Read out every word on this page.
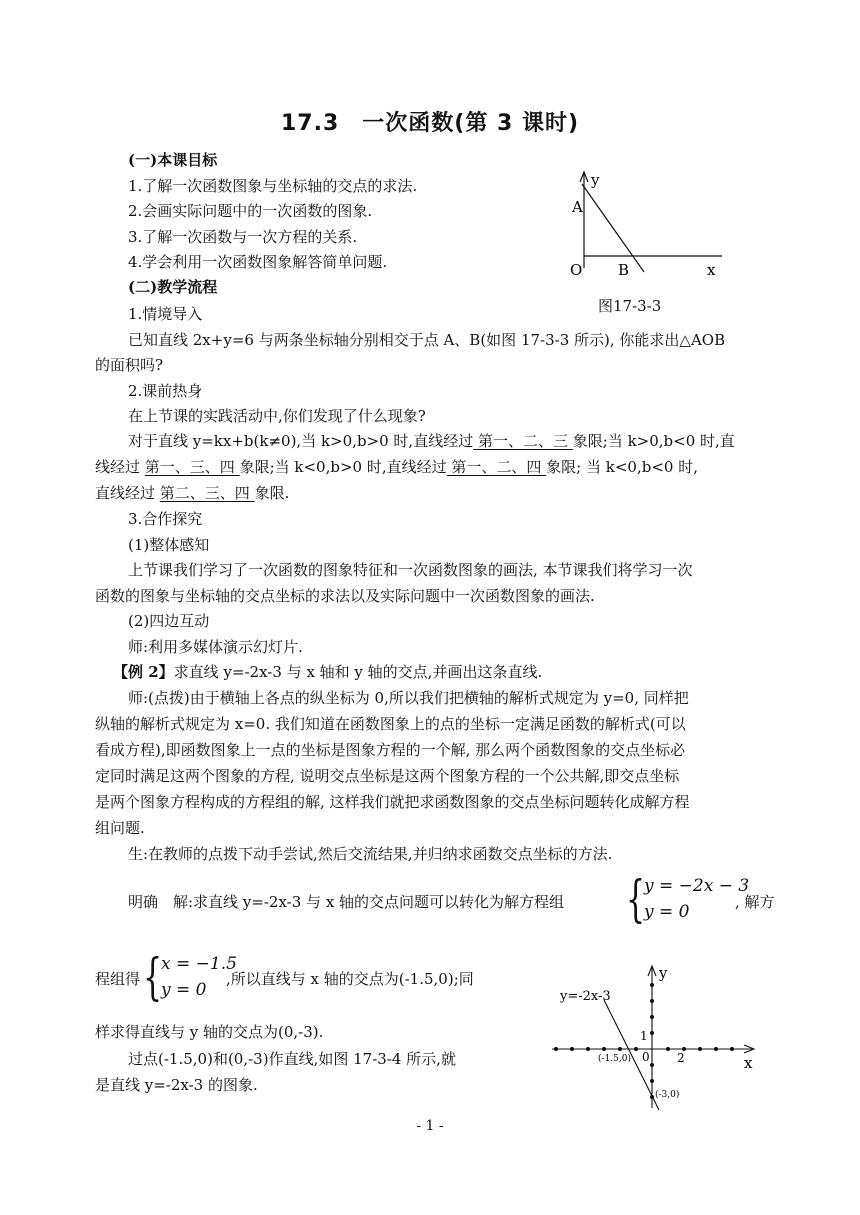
17.3　一次函数(第 3 课时)
(一)本课目标
1.了解一次函数图象与坐标轴的交点的求法.
2.会画实际问题中的一次函数的图象.
3.了解一次函数与一次方程的关系.
4.学会利用一次函数图象解答简单问题.
(二)教学流程
y
A
O B	x
图17-3-3
1.情境导入
已知直线 2x+y=6 与两条坐标轴分别相交于点 A、B(如图 17-3-3 所示), 你能求出△AOB
的面积吗?
2.课前热身
在上节课的实践活动中,你们发现了什么现象?
对于直线 y=kx+b(k≠0),当 k>0,b>0 时,直线经过 第一、二、三 象限;当 k>0,b<0 时,直
线经过 第一、三、四 象限;当 k<0,b>0 时,直线经过 第一、二、四 象限; 当 k<0,b<0 时,
直线经过 第二、三、四 象限.
3.合作探究
(1)整体感知
上节课我们学习了一次函数的图象特征和一次函数图象的画法, 本节课我们将学习一次
函数的图象与坐标轴的交点坐标的求法以及实际问题中一次函数图象的画法.
(2)四边互动
师:利用多媒体演示幻灯片.
【例 2】求直线 y=-2x-3 与 x 轴和 y 轴的交点,并画出这条直线.
师:(点拨)由于横轴上各点的纵坐标为 0,所以我们把横轴的解析式规定为 y=0, 同样把
纵轴的解析式规定为 x=0. 我们知道在函数图象上的点的坐标一定满足函数的解析式(可以
看成方程),即函数图象上一点的坐标是图象方程的一个解, 那么两个函数图象的交点坐标必
定同时满足这两个图象的方程, 说明交点坐标是这两个图象方程的一个公共解,即交点坐标
是两个图象方程构成的方程组的解, 这样我们就把求函数图象的交点坐标问题转化成解方程
组问题.
生:在教师的点拨下动手尝试,然后交流结果,并归纳求函数交点坐标的方法.
明确　解:求直线 y=-2x-3 与 x 轴的交点问题可以转化为解方程组 {
y = −2x − 3
y = 0	, 解方
程组得 {
x = −1.5
y = 0
,所以直线与 x 轴的交点为(-1.5,0);同
样求得直线与 y 轴的交点为(0,-3).
过点(-1.5,0)和(0,-3)作直线,如图 17-3-4 所示,就
是直线 y=-2x-3 的图象.
y=-2x-3
y
x
1
0 2
(-1.5,0)
(-3,0)
- 1 -
